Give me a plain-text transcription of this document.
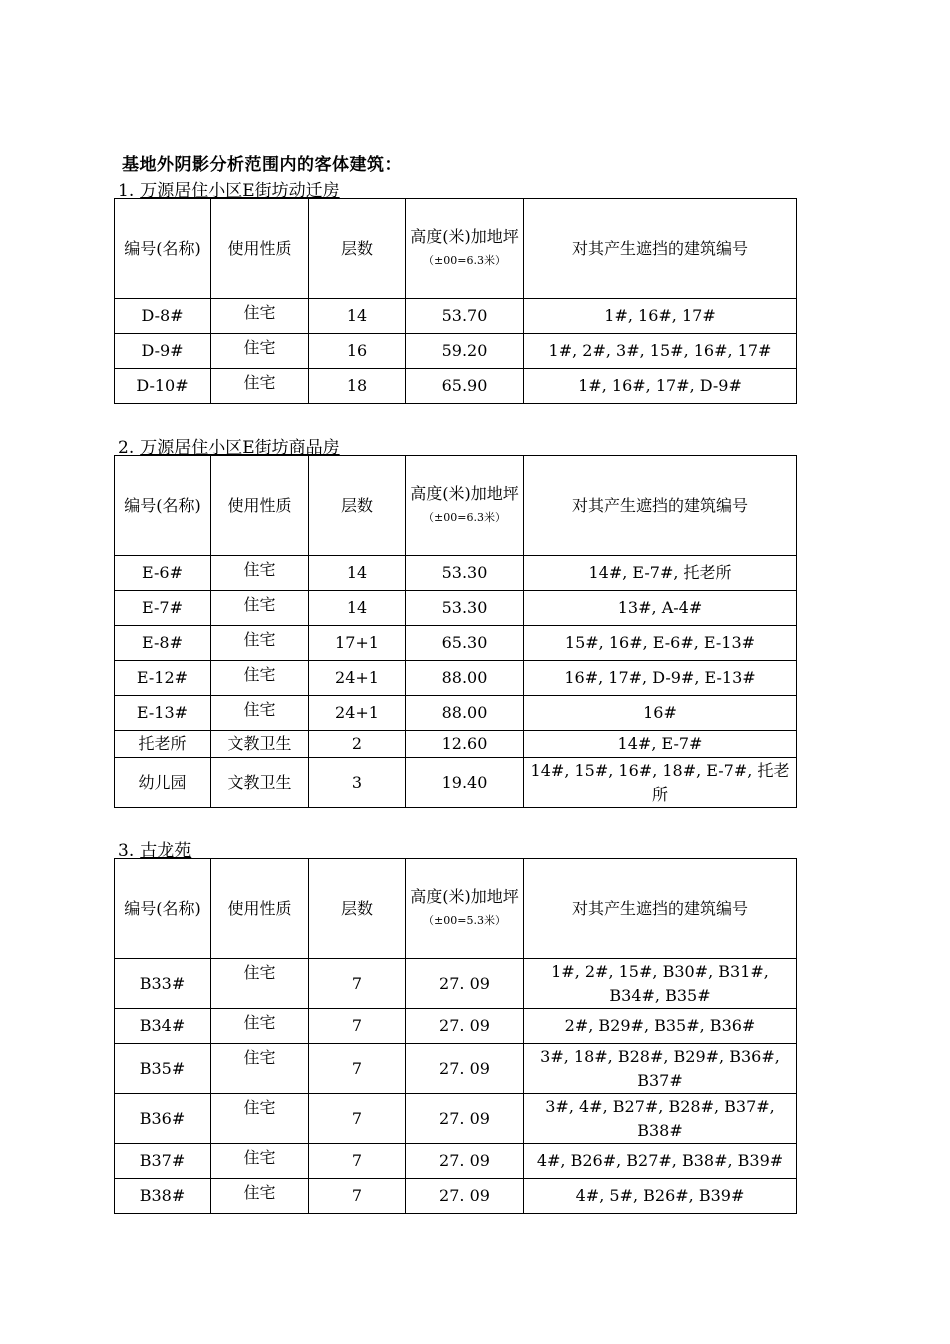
基地外阴影分析范围内的客体建筑：
1. 万源居住小区E街坊动迁房
编号(名称)	使用性质	层数	高度(米)加地坪
（±00=6.3米）	对其产生遮挡的建筑编号
D-8#	住宅	14	53.70	1#, 16#, 17#
D-9#	住宅	16	59.20	1#, 2#, 3#, 15#, 16#, 17#
D-10#	住宅	18	65.90	1#, 16#, 17#, D-9#
2. 万源居住小区E街坊商品房
编号(名称)	使用性质	层数	高度(米)加地坪
（±00=6.3米）	对其产生遮挡的建筑编号
E-6#	住宅	14	53.30	14#, E-7#, 托老所
E-7#	住宅	14	53.30	13#, A-4#
E-8#	住宅	17+1	65.30	15#, 16#, E-6#, E-13#
E-12#	住宅	24+1	88.00	16#, 17#, D-9#, E-13#
E-13#	住宅	24+1	88.00	16#
托老所	文教卫生	2	12.60	14#, E-7#
幼儿园	文教卫生	3	19.40	14#, 15#, 16#, 18#, E-7#, 托老所
3. 古龙苑
编号(名称)	使用性质	层数	高度(米)加地坪
（±00=5.3米）	对其产生遮挡的建筑编号
B33#	住宅	7	27. 09	1#, 2#, 15#, B30#, B31#, B34#, B35#
B34#	住宅	7	27. 09	2#, B29#, B35#, B36#
B35#	住宅	7	27. 09	3#, 18#, B28#, B29#, B36#, B37#
B36#	住宅	7	27. 09	3#, 4#, B27#, B28#, B37#, B38#
B37#	住宅	7	27. 09	4#, B26#, B27#, B38#, B39#
B38#	住宅	7	27. 09	4#, 5#, B26#, B39#
